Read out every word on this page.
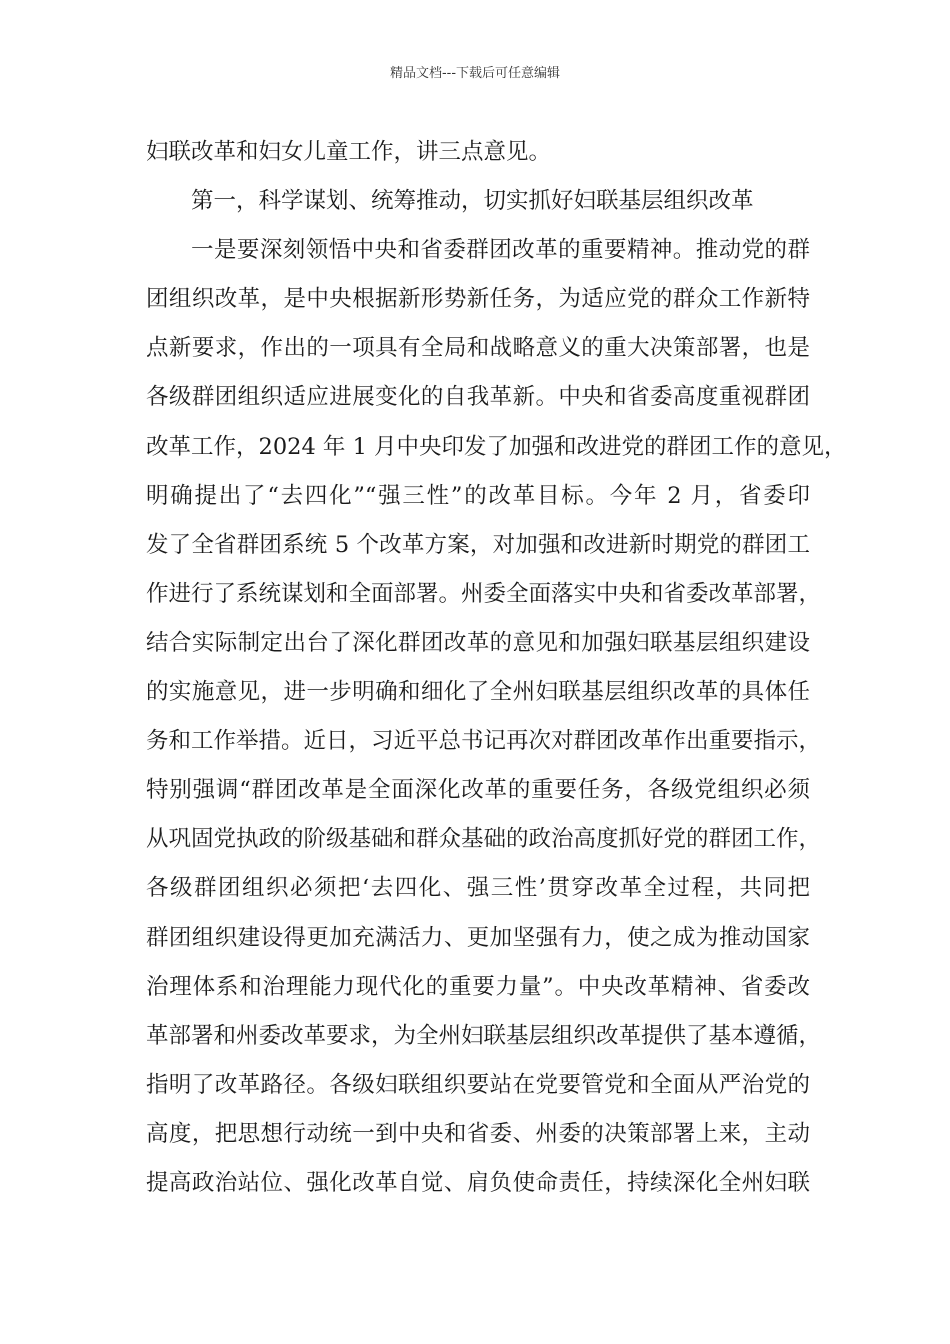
精品文档---下载后可任意编辑
妇联改革和妇女儿童工作，讲三点意见。
第一，科学谋划、统筹推动，切实抓好妇联基层组织改革
一是要深刻领悟中央和省委群团改革的重要精神。推动党的群
团组织改革，是中央根据新形势新任务，为适应党的群众工作新特
点新要求，作出的一项具有全局和战略意义的重大决策部署，也是
各级群团组织适应进展变化的自我革新。中央和省委高度重视群团
改革工作，2024 年 1 月中央印发了加强和改进党的群团工作的意见，
明确提出了“去四化”“强三性”的改革目标。今年 2 月，省委印
发了全省群团系统 5 个改革方案，对加强和改进新时期党的群团工
作进行了系统谋划和全面部署。州委全面落实中央和省委改革部署，
结合实际制定出台了深化群团改革的意见和加强妇联基层组织建设
的实施意见，进一步明确和细化了全州妇联基层组织改革的具体任
务和工作举措。近日，习近平总书记再次对群团改革作出重要指示，
特别强调“群团改革是全面深化改革的重要任务，各级党组织必须
从巩固党执政的阶级基础和群众基础的政治高度抓好党的群团工作，
各级群团组织必须把‘去四化、强三性’贯穿改革全过程，共同把
群团组织建设得更加充满活力、更加坚强有力，使之成为推动国家
治理体系和治理能力现代化的重要力量”。中央改革精神、省委改
革部署和州委改革要求，为全州妇联基层组织改革提供了基本遵循，
指明了改革路径。各级妇联组织要站在党要管党和全面从严治党的
高度，把思想行动统一到中央和省委、州委的决策部署上来，主动
提高政治站位、强化改革自觉、肩负使命责任，持续深化全州妇联
